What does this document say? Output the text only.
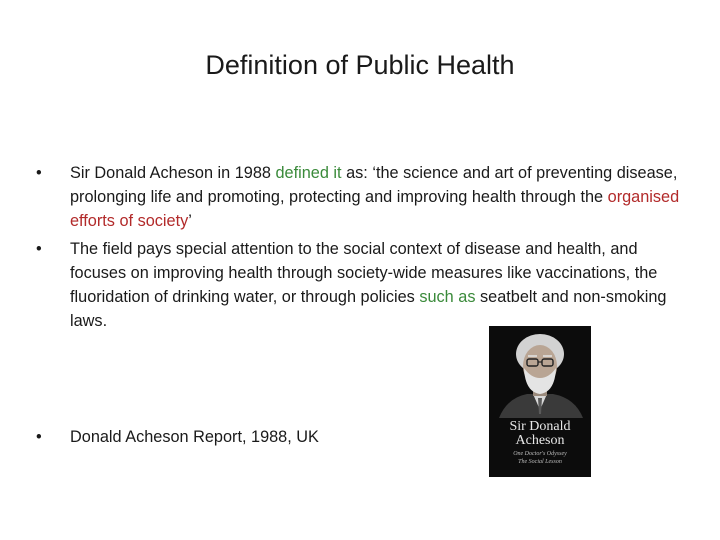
Definition of Public Health
•	Sir Donald Acheson in 1988 defined it as: ‘the science and art of preventing disease, prolonging life and promoting, protecting and improving health through the organised efforts of society’
•	The field pays special attention to the social context of disease and health, and focuses on improving health through society-wide measures like vaccinations, the fluoridation of drinking water, or through policies such as seatbelt and non-smoking laws.
•	Donald Acheson Report, 1988, UK
Sir Donald
Acheson
One Doctor's Odyssey
The Social Lesson
